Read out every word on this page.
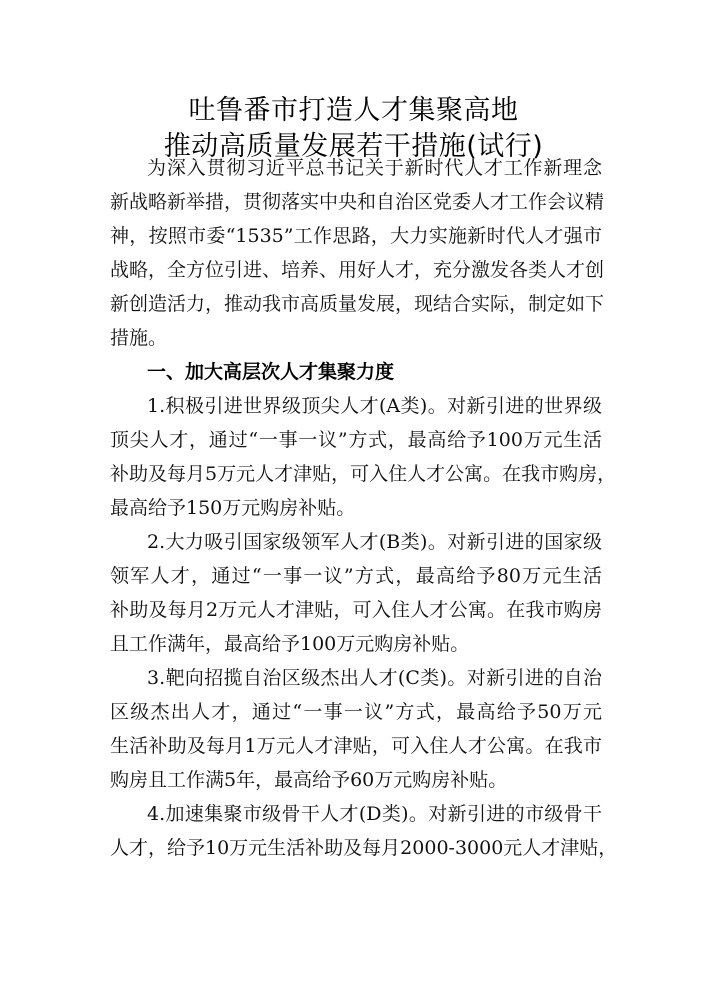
吐鲁番市打造人才集聚高地
推动高质量发展若干措施(试行)
为深入贯彻习近平总书记关于新时代人才工作新理念
新战略新举措，贯彻落实中央和自治区党委人才工作会议精
神，按照市委“1535”工作思路，大力实施新时代人才强市
战略，全方位引进、培养、用好人才，充分激发各类人才创
新创造活力，推动我市高质量发展，现结合实际，制定如下
措施。
一、加大高层次人才集聚力度
1.积极引进世界级顶尖人才(A类)。对新引进的世界级
顶尖人才，通过“一事一议”方式，最高给予100万元生活
补助及每月5万元人才津贴，可入住人才公寓。在我市购房，
最高给予150万元购房补贴。
2.大力吸引国家级领军人才(B类)。对新引进的国家级
领军人才，通过“一事一议”方式，最高给予80万元生活
补助及每月2万元人才津贴，可入住人才公寓。在我市购房
且工作满年，最高给予100万元购房补贴。
3.靶向招揽自治区级杰出人才(C类)。对新引进的自治
区级杰出人才，通过“一事一议”方式，最高给予50万元
生活补助及每月1万元人才津贴，可入住人才公寓。在我市
购房且工作满5年，最高给予60万元购房补贴。
4.加速集聚市级骨干人才(D类)。对新引进的市级骨干
人才，给予10万元生活补助及每月2000-3000元人才津贴，
